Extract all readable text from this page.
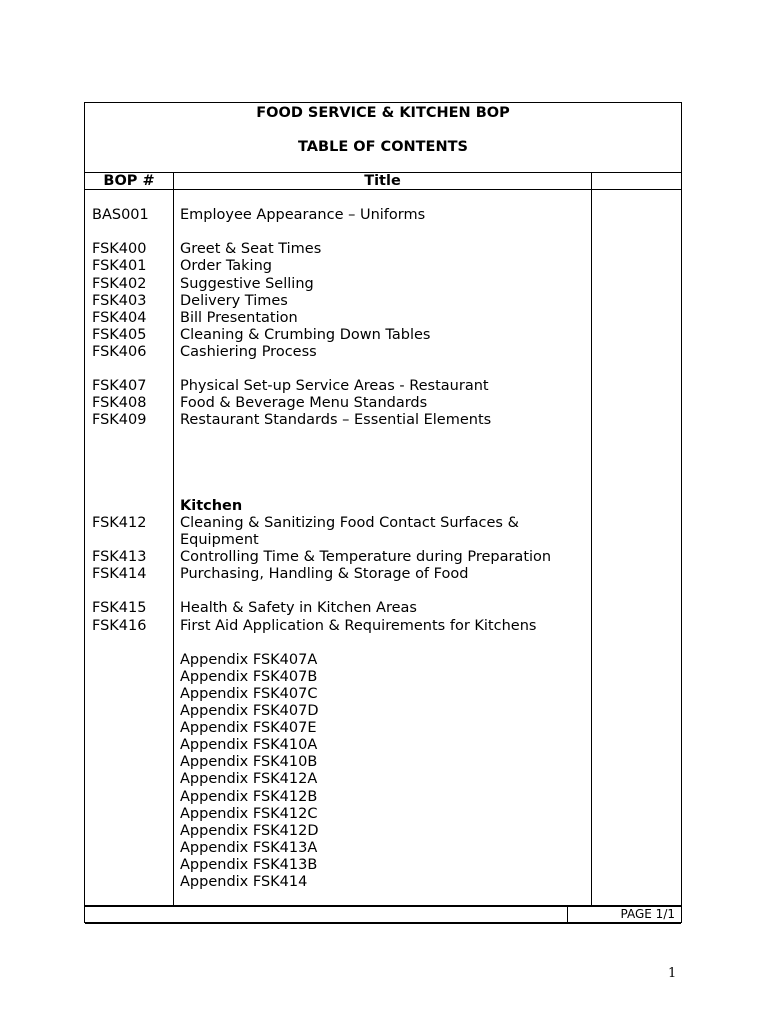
FOOD SERVICE & KITCHEN BOP
TABLE OF CONTENTS
BOP #	Title
BAS001 Employee Appearance – Uniforms
FSK400 Greet & Seat Times
FSK401 Order Taking
FSK402 Suggestive Selling
FSK403 Delivery Times
FSK404 Bill Presentation
FSK405 Cleaning & Crumbing Down Tables
FSK406 Cashiering Process
FSK407 Physical Set-up Service Areas - Restaurant
FSK408 Food & Beverage Menu Standards
FSK409 Restaurant Standards – Essential Elements
Kitchen
FSK412 Cleaning & Sanitizing Food Contact Surfaces &
Equipment
FSK413 Controlling Time & Temperature during Preparation
FSK414 Purchasing, Handling & Storage of Food
FSK415 Health & Safety in Kitchen Areas
FSK416 First Aid Application & Requirements for Kitchens
Appendix FSK407A
Appendix FSK407B
Appendix FSK407C
Appendix FSK407D
Appendix FSK407E
Appendix FSK410A
Appendix FSK410B
Appendix FSK412A
Appendix FSK412B
Appendix FSK412C
Appendix FSK412D
Appendix FSK413A
Appendix FSK413B
Appendix FSK414
PAGE 1/1
1
